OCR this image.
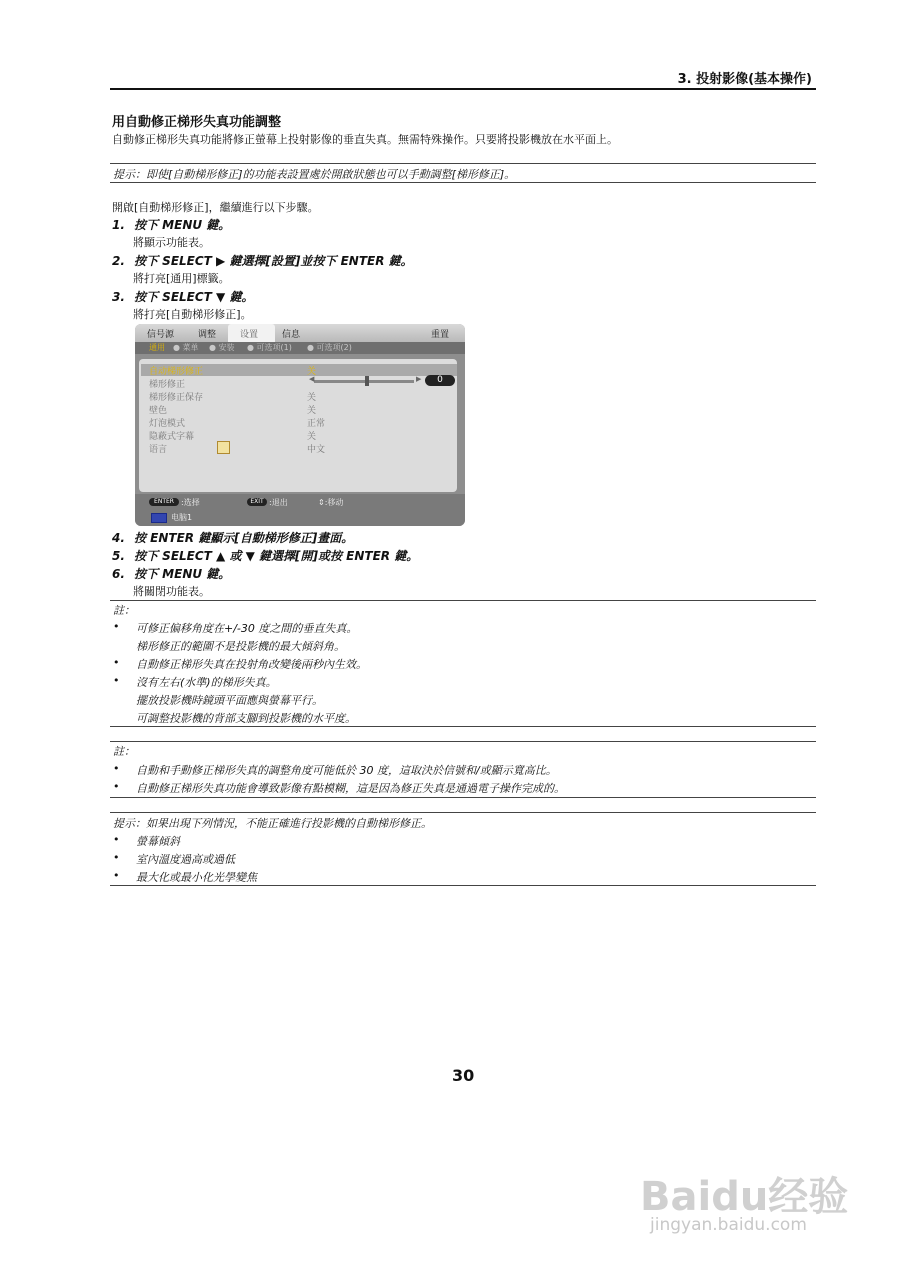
3. 投射影像(基本操作)
用自動修正梯形失真功能調整
自動修正梯形失真功能將修正螢幕上投射影像的垂直失真。無需特殊操作。只要將投影機放在水平面上。
提示：即使[自動梯形修正]的功能表設置處於開啟狀態也可以手動調整[梯形修正]。
開啟[自動梯形修正]，繼續進行以下步驟。
1. 按下 MENU 鍵。
將顯示功能表。
2. 按下 SELECT ▶ 鍵選擇[設置]並按下 ENTER 鍵。
將打亮[通用]標籤。
3. 按下 SELECT ▼ 鍵。
將打亮[自動梯形修正]。
信号源	调整	设置	信息	重置
通用 ● 菜单 ● 安装 ● 可选项(1) ● 可选项(2)
自动梯形修正	关
梯形修正
◀	▶	0
梯形修正保存	关
壁色	关
灯泡模式	正常
隐蔽式字幕	关
语言	中文
ENTER :选择	EXIT :退出	⇕:移动
电脑1
4. 按 ENTER 鍵顯示[自動梯形修正]畫面。
5. 按下 SELECT ▲ 或 ▼ 鍵選擇[開]或按 ENTER 鍵。
6. 按下 MENU 鍵。
將關閉功能表。
註：
• 可修正偏移角度在+/-30 度之間的垂直失真。
梯形修正的範圍不是投影機的最大傾斜角。
• 自動修正梯形失真在投射角改變後兩秒內生效。
• 沒有左右(水準)的梯形失真。
擺放投影機時鏡頭平面應與螢幕平行。
可調整投影機的背部支腳到投影機的水平度。
註：
• 自動和手動修正梯形失真的調整角度可能低於 30 度，這取決於信號和/或顯示寬高比。
• 自動修正梯形失真功能會導致影像有點模糊，這是因為修正失真是通過電子操作完成的。
提示：如果出現下列情況，不能正確進行投影機的自動梯形修正。
• 螢幕傾斜
• 室內溫度過高或過低
• 最大化或最小化光學變焦
30
Baidu经验
jingyan.baidu.com
